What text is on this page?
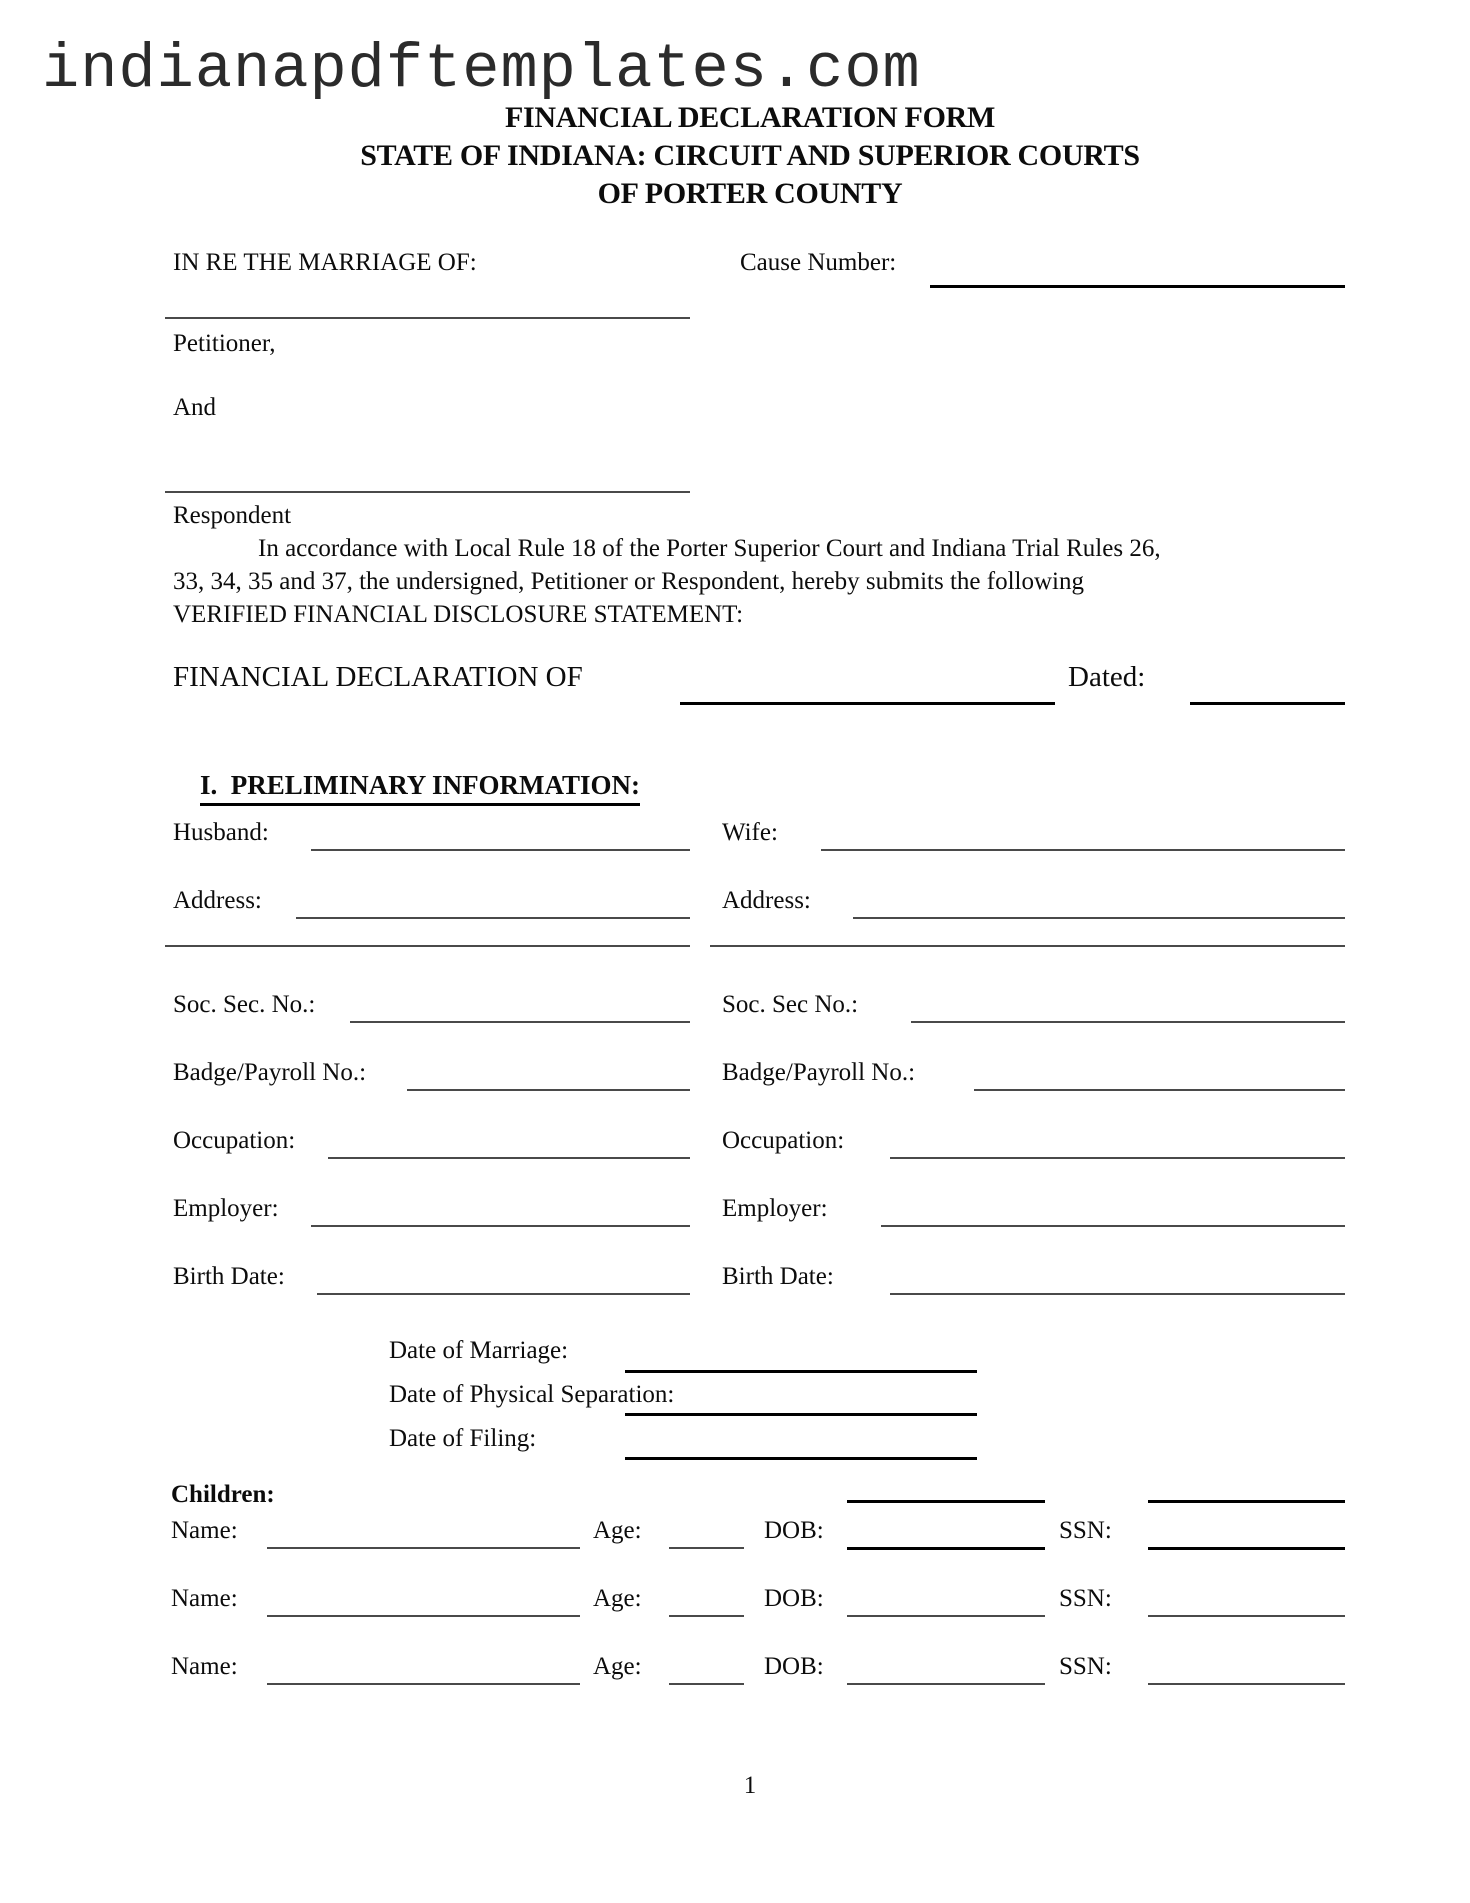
indianapdftemplates.com
FINANCIAL DECLARATION FORM
STATE OF INDIANA: CIRCUIT AND SUPERIOR COURTS
OF PORTER COUNTY
IN RE THE MARRIAGE OF:	Cause Number:
Petitioner,
And
Respondent
In accordance with Local Rule 18 of the Porter Superior Court and Indiana Trial Rules 26,
33, 34, 35 and 37, the undersigned, Petitioner or Respondent, hereby submits the following
VERIFIED FINANCIAL DISCLOSURE STATEMENT:
FINANCIAL DECLARATION OF	Dated:

I.  PRELIMINARY INFORMATION:

Husband:	Wife:
Address:	Address:
Soc. Sec. No.:	Soc. Sec No.:
Badge/Payroll No.:	Badge/Payroll No.:
Occupation:	Occupation:
Employer:	Employer:
Birth Date:	Birth Date:
Date of Marriage:
Date of Physical Separation:
Date of Filing:
Children:
Name:	Age:	DOB:	SSN:
Name:	Age:	DOB:	SSN:
Name:	Age:	DOB:	SSN:
1
